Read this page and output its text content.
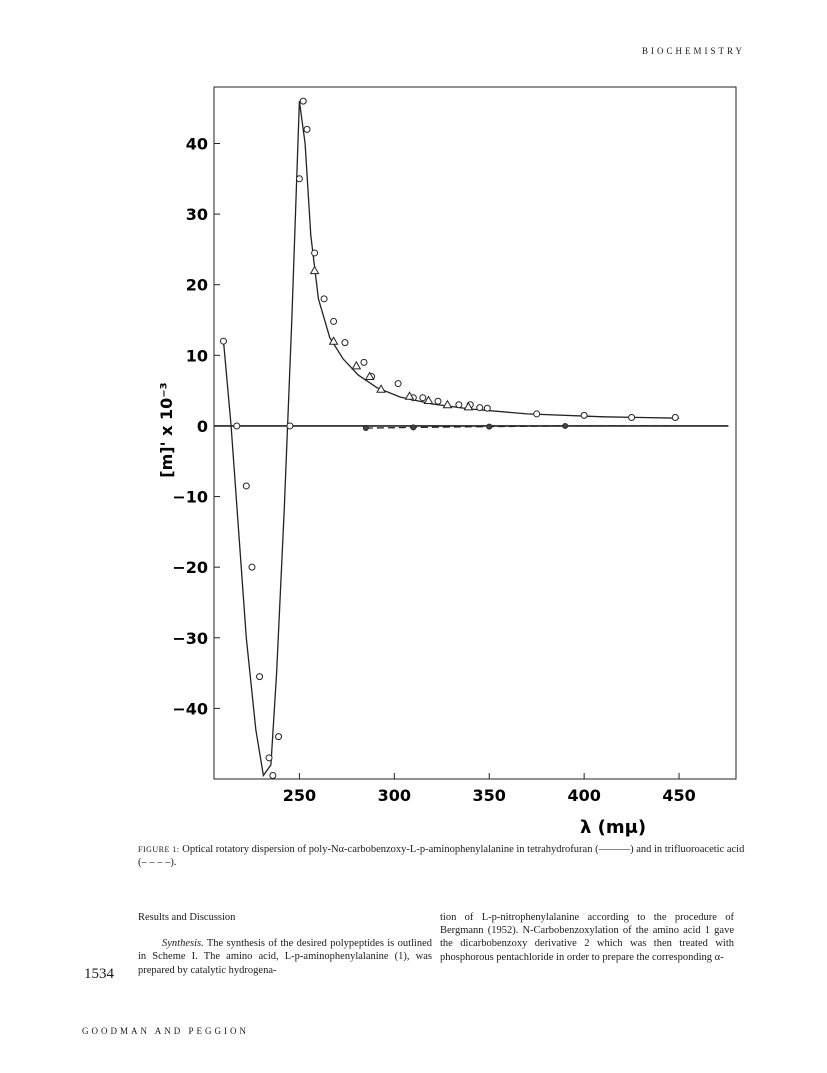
BIOCHEMISTRY
250	300	350	400	450
40
30
20
10
0
−10
−20
−30
−40
λ (mμ)
[m]' x 10⁻³
FIGURE 1: Optical rotatory dispersion of poly-Nα-carbobenzoxy-L-p-aminophenylalanine in tetrahydrofuran (———) and in trifluoroacetic acid (– – – –).
Results and Discussion
Synthesis. The synthesis of the desired polypeptides is outlined in Scheme I. The amino acid, L-p-aminophenylalanine (1), was prepared by catalytic hydrogena-
tion of L-p-nitrophenylalanine according to the procedure of Bergmann (1952). N-Carbobenzoxylation of the amino acid 1 gave the dicarbobenzoxy derivative 2 which was then treated with phosphorous pentachloride in order to prepare the corresponding α-
1534
GOODMAN AND PEGGION
